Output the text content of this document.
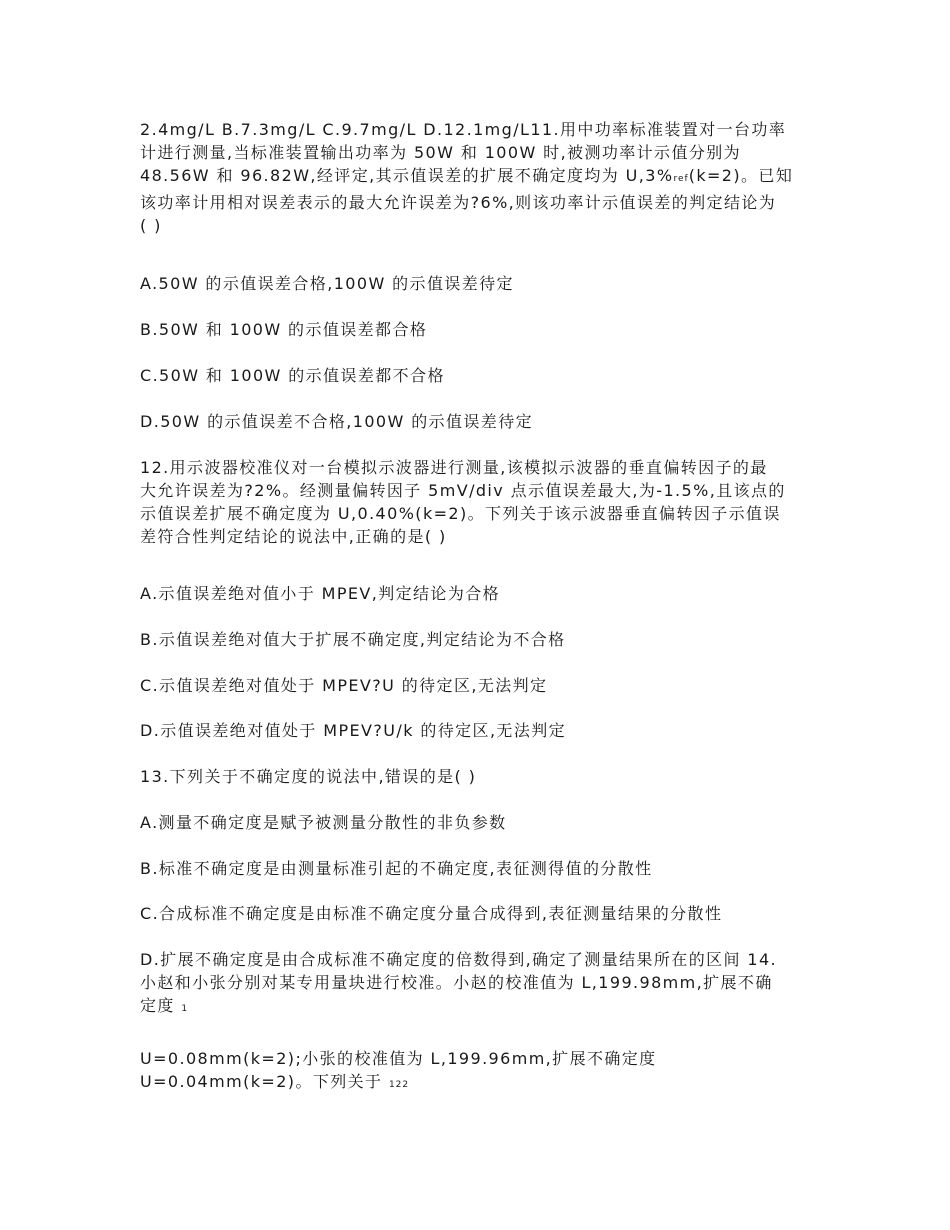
2.4mg/L B.7.3mg/L C.9.7mg/L D.12.1mg/L11.用中功率标准装置对一台功率
计进行测量,当标准装置输出功率为 50W 和 100W 时,被测功率计示值分别为
48.56W 和 96.82W,经评定,其示值误差的扩展不确定度均为 U,3%ref(k=2)。已知
该功率计用相对误差表示的最大允许误差为?6%,则该功率计示值误差的判定结论为
( )

A.50W 的示值误差合格,100W 的示值误差待定

B.50W 和 100W 的示值误差都合格

C.50W 和 100W 的示值误差都不合格

D.50W 的示值误差不合格,100W 的示值误差待定

12.用示波器校准仪对一台模拟示波器进行测量,该模拟示波器的垂直偏转因子的最
大允许误差为?2%。经测量偏转因子 5mV/div 点示值误差最大,为-1.5%,且该点的
示值误差扩展不确定度为 U,0.40%(k=2)。下列关于该示波器垂直偏转因子示值误
差符合性判定结论的说法中,正确的是( )

A.示值误差绝对值小于 MPEV,判定结论为合格

B.示值误差绝对值大于扩展不确定度,判定结论为不合格

C.示值误差绝对值处于 MPEV?U 的待定区,无法判定

D.示值误差绝对值处于 MPEV?U/k 的待定区,无法判定

13.下列关于不确定度的说法中,错误的是( )

A.测量不确定度是赋予被测量分散性的非负参数

B.标准不确定度是由测量标准引起的不确定度,表征测得值的分散性

C.合成标准不确定度是由标准不确定度分量合成得到,表征测量结果的分散性

D.扩展不确定度是由合成标准不确定度的倍数得到,确定了测量结果所在的区间 14.
小赵和小张分别对某专用量块进行校准。小赵的校准值为 L,199.98mm,扩展不确
定度 1
U=0.08mm(k=2);小张的校准值为 L,199.96mm,扩展不确定度
U=0.04mm(k=2)。下列关于 122
